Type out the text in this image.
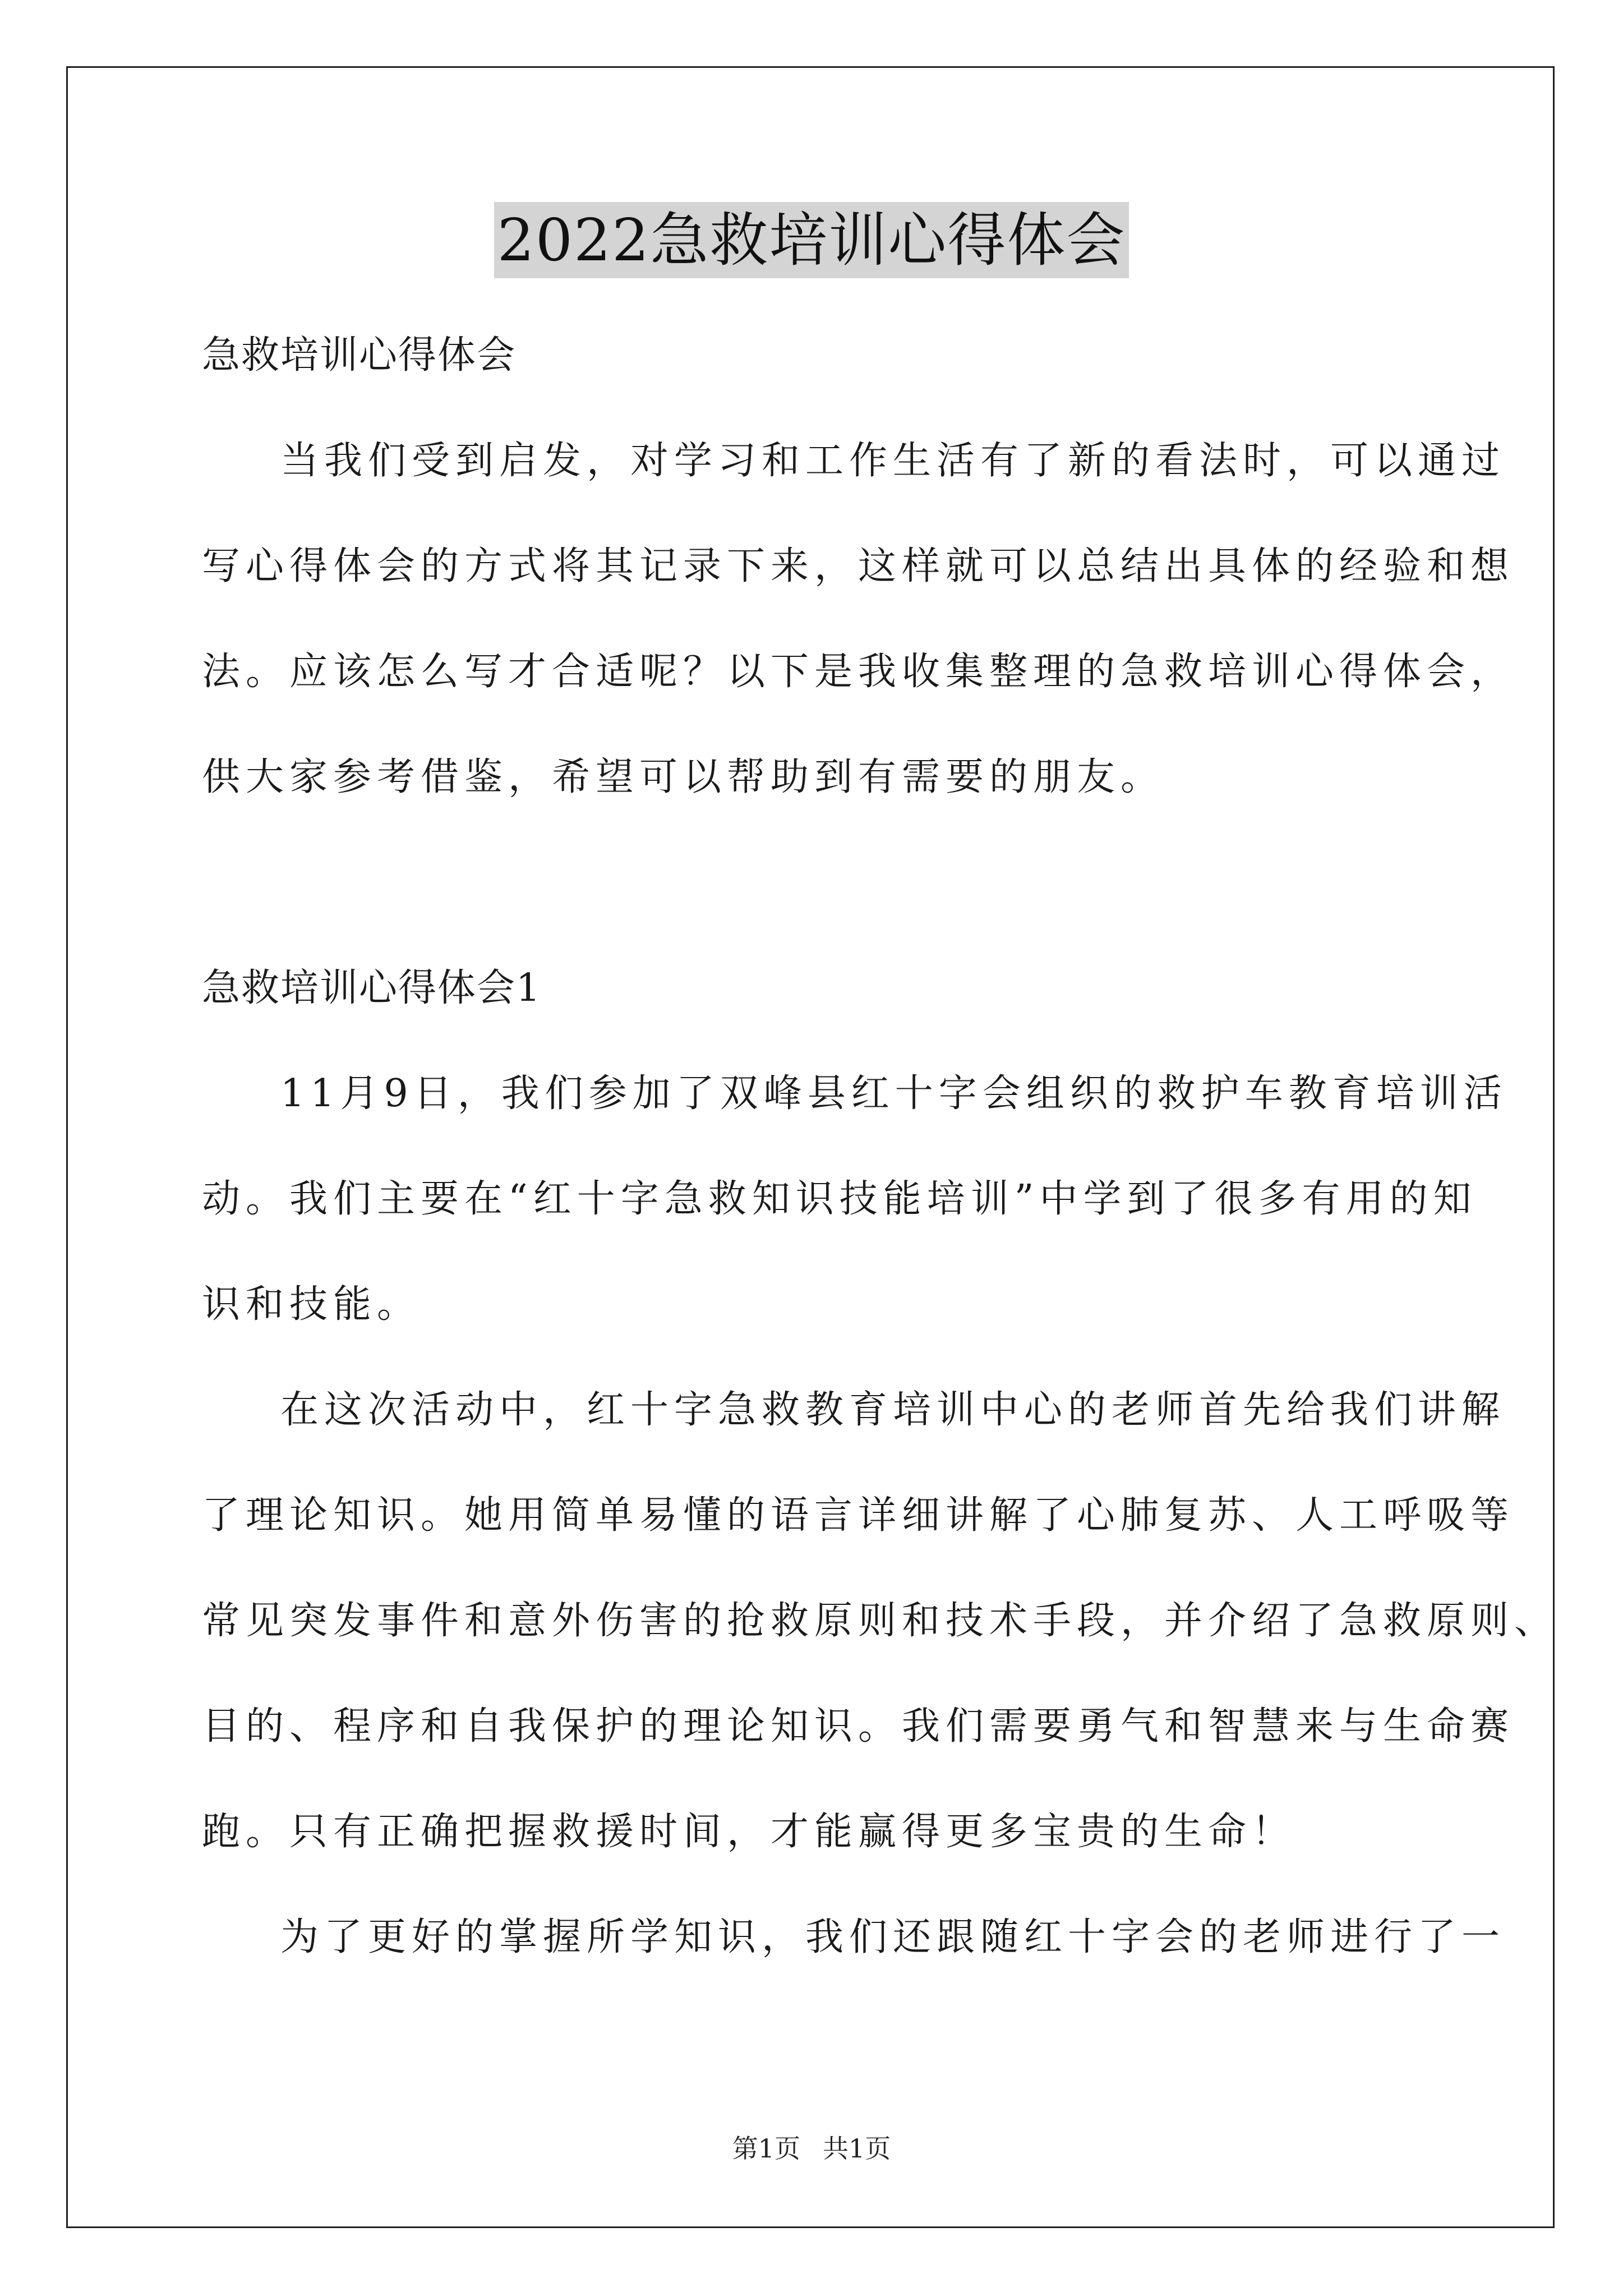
2022急救培训心得体会
急救培训心得体会
当我们受到启发，对学习和工作生活有了新的看法时，可以通过
写心得体会的方式将其记录下来，这样就可以总结出具体的经验和想
法。应该怎么写才合适呢？以下是我收集整理的急救培训心得体会，
供大家参考借鉴，希望可以帮助到有需要的朋友。
急救培训心得体会1
11月9日，我们参加了双峰县红十字会组织的救护车教育培训活
动。我们主要在“红十字急救知识技能培训”中学到了很多有用的知
识和技能。
在这次活动中，红十字急救教育培训中心的老师首先给我们讲解
了理论知识。她用简单易懂的语言详细讲解了心肺复苏、人工呼吸等
常见突发事件和意外伤害的抢救原则和技术手段，并介绍了急救原则、
目的、程序和自我保护的理论知识。我们需要勇气和智慧来与生命赛
跑。只有正确把握救援时间，才能赢得更多宝贵的生命！
为了更好的掌握所学知识，我们还跟随红十字会的老师进行了一
第1页 共1页
